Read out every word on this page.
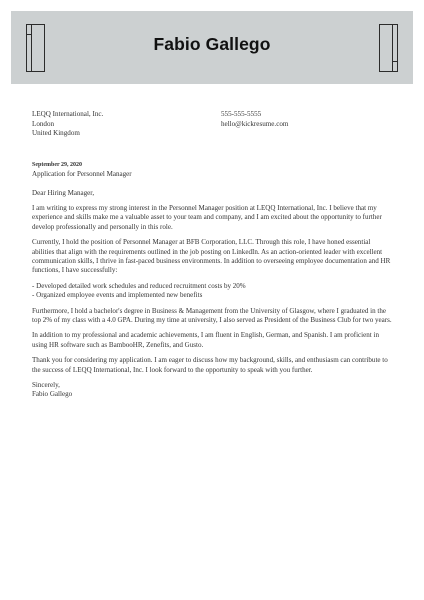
Fabio Gallego
LEQQ International, Inc.
London
United Kingdom
555-555-5555
hello@kickresume.com
September 29, 2020

Application for Personnel Manager

Dear Hiring Manager,

I am writing to express my strong interest in the Personnel Manager position at LEQQ International, Inc. I believe that my experience and skills make me a valuable asset to your team and company, and I am excited about the opportunity to further develop professionally and personally in this role.

Currently, I hold the position of Personnel Manager at BFB Corporation, LLC. Through this role, I have honed essential abilities that align with the requirements outlined in the job posting on LinkedIn. As an action-oriented leader with excellent communication skills, I thrive in fast-paced business environments. In addition to overseeing employee documentation and HR functions, I have successfully:

- Developed detailed work schedules and reduced recruitment costs by 20%
- Organized employee events and implemented new benefits

Furthermore, I hold a bachelor's degree in Business & Management from the University of Glasgow, where I graduated in the top 2% of my class with a 4.0 GPA. During my time at university, I also served as President of the Business Club for two years.

In addition to my professional and academic achievements, I am fluent in English, German, and Spanish. I am proficient in using HR software such as BambooHR, Zenefits, and Gusto.

Thank you for considering my application. I am eager to discuss how my background, skills, and enthusiasm can contribute to the success of LEQQ International, Inc. I look forward to the opportunity to speak with you further.

Sincerely,
Fabio Gallego
